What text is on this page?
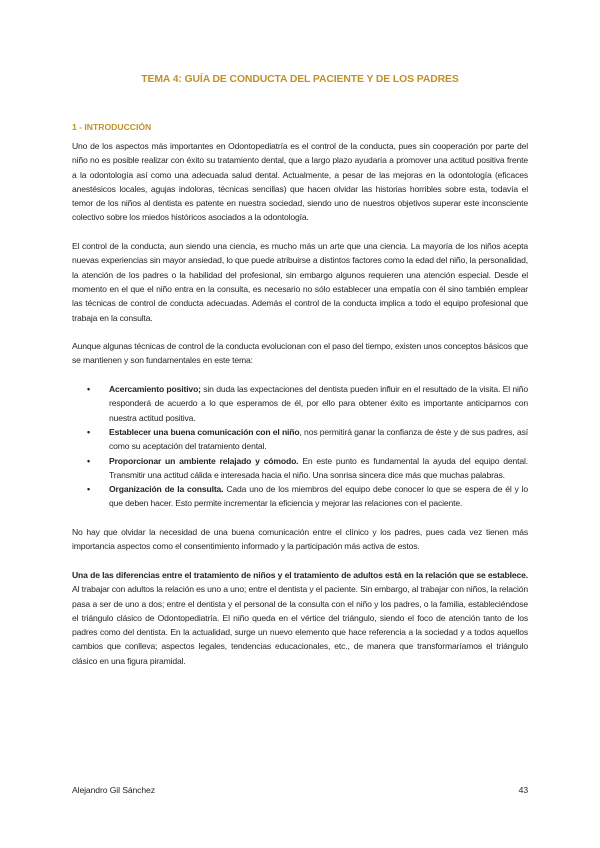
TEMA 4: GUÍA DE CONDUCTA DEL PACIENTE Y DE LOS PADRES
1 - INTRODUCCIÓN

Uno de los aspectos más importantes en Odontopediatría es el control de la conducta, pues sin cooperación por parte del niño no es posible realizar con éxito su tratamiento dental, que a largo plazo ayudaría a promover una actitud positiva frente a la odontología así como una adecuada salud dental. Actualmente, a pesar de las mejoras en la odontología (eficaces anestésicos locales, agujas indoloras, técnicas sencillas) que hacen olvidar las historias horribles sobre esta, todavía el temor de los niños al dentista es patente en nuestra sociedad, siendo uno de nuestros objetivos superar este inconsciente colectivo sobre los miedos históricos asociados a la odontología.

El control de la conducta, aun siendo una ciencia, es mucho más un arte que una ciencia. La mayoría de los niños acepta nuevas experiencias sin mayor ansiedad, lo que puede atribuirse a distintos factores como la edad del niño, la personalidad, la atención de los padres o la habilidad del profesional, sin embargo algunos requieren una atención especial. Desde el momento en el que el niño entra en la consulta, es necesario no sólo establecer una empatía con él sino también emplear las técnicas de control de conducta adecuadas. Además el control de la conducta implica a todo el equipo profesional que trabaja en la consulta.

Aunque algunas técnicas de control de la conducta evolucionan con el paso del tiempo, existen unos conceptos básicos que se mantienen y son fundamentales en este tema:

• Acercamiento positivo; sin duda las expectaciones del dentista pueden influir en el resultado de la visita. El niño responderá de acuerdo a lo que esperamos de él, por ello para obtener éxito es importante anticiparnos con nuestra actitud positiva.
• Establecer una buena comunicación con el niño, nos permitirá ganar la confianza de éste y de sus padres, así como su aceptación del tratamiento dental.
• Proporcionar un ambiente relajado y cómodo. En este punto es fundamental la ayuda del equipo dental. Transmitir una actitud cálida e interesada hacia el niño. Una sonrisa sincera dice más que muchas palabras.
• Organización de la consulta. Cada uno de los miembros del equipo debe conocer lo que se espera de él y lo que deben hacer. Esto permite incrementar la eficiencia y mejorar las relaciones con el paciente.

No hay que olvidar la necesidad de una buena comunicación entre el clínico y los padres, pues cada vez tienen más importancia aspectos como el consentimiento informado y la participación más activa de estos.

Una de las diferencias entre el tratamiento de niños y el tratamiento de adultos está en la relación que se establece. Al trabajar con adultos la relación es uno a uno; entre el dentista y el paciente. Sin embargo, al trabajar con niños, la relación pasa a ser de uno a dos; entre el dentista y el personal de la consulta con el niño y los padres, o la familia, estableciéndose el triángulo clásico de Odontopediatría. El niño queda en el vértice del triángulo, siendo el foco de atención tanto de los padres como del dentista. En la actualidad, surge un nuevo elemento que hace referencia a la sociedad y a todos aquellos cambios que conlleva; aspectos legales, tendencias educacionales, etc., de manera que transformaríamos el triángulo clásico en una figura piramidal.

Alejandro Gil Sánchez	43
